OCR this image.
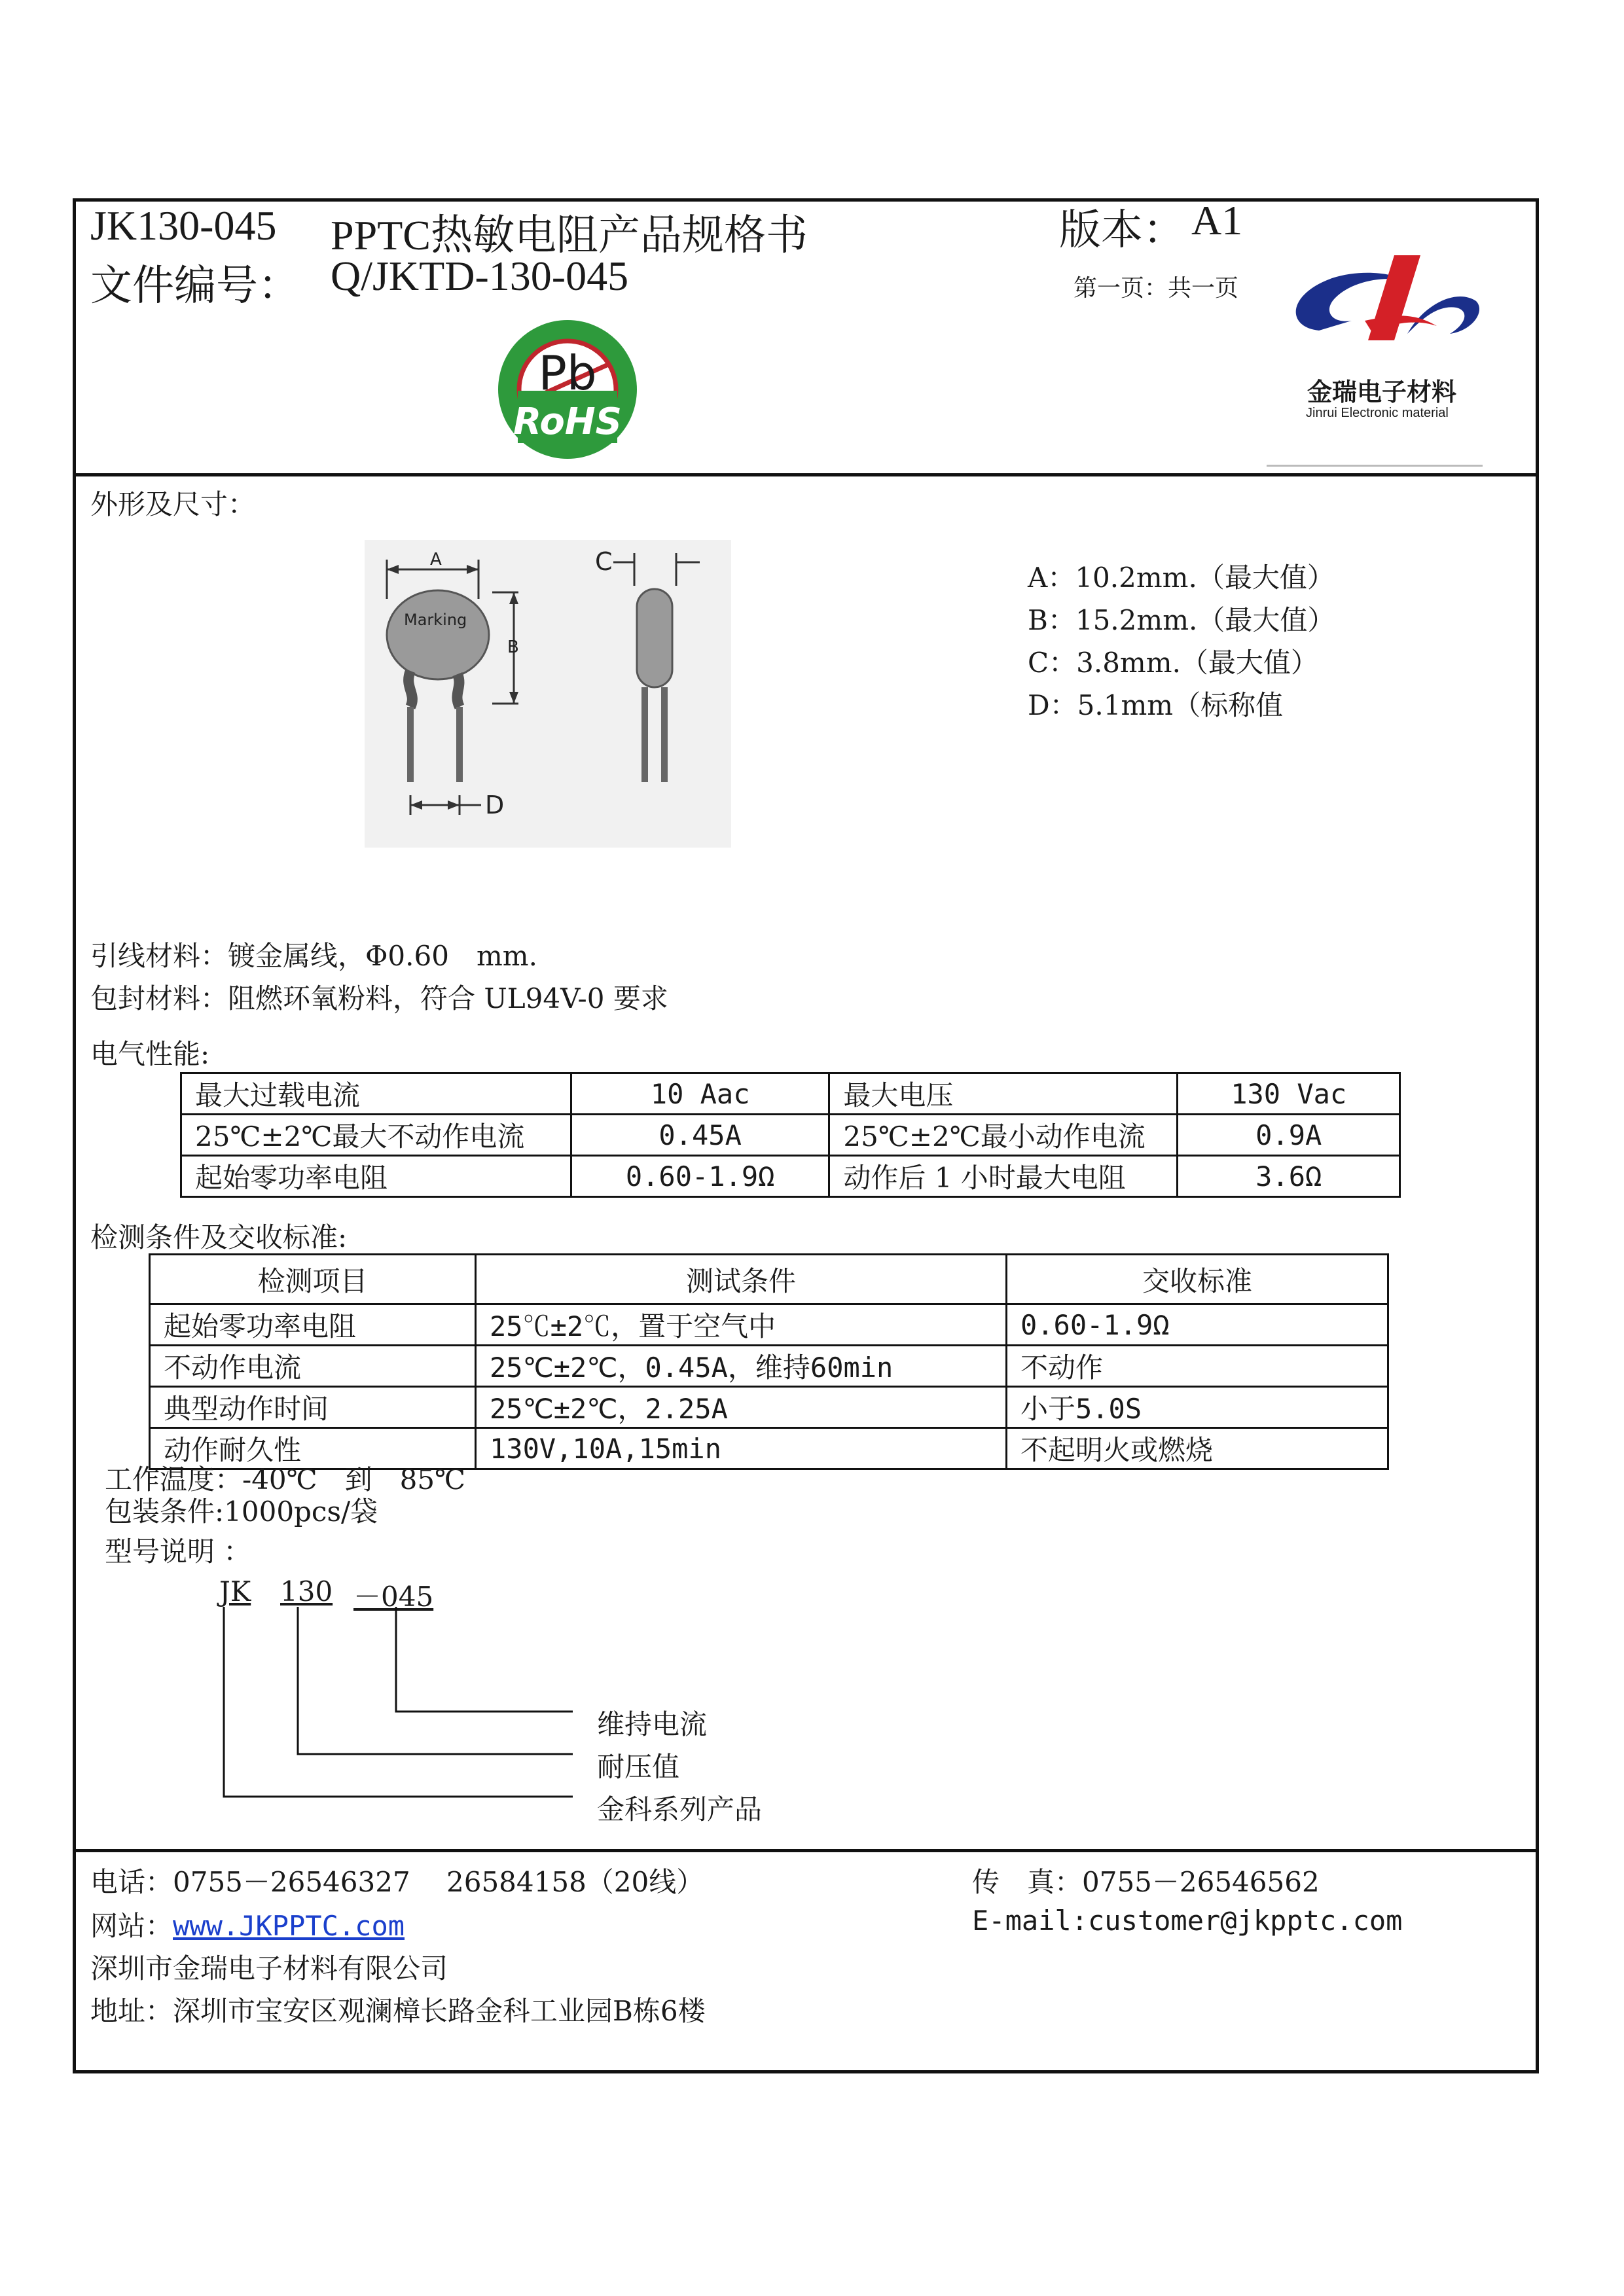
JK130-045 PPTC热敏电阻产品规格书	版本： A1
文件编号： Q/JKTD-130-045	第一页：共一页
Pb
RoHS
金瑞电子材料
Jinrui Electronic material
外形及尺寸：
A
Marking
B
D
C	A：10.2mm.（最大值）
B：15.2mm.（最大值）
C：3.8mm.（最大值）
D：5.1mm（标称值
引线材料：镀金属线，Φ0.60　mm.
包封材料：阻燃环氧粉料，符合 UL94V-0 要求
电气性能:
最大过载电流	10 Aac	最大电压	130 Vac
25℃±2℃最大不动作电流	0.45A	25℃±2℃最小动作电流	0.9A
起始零功率电阻	0.60-1.9Ω	动作后 1 小时最大电阻	3.6Ω
检测条件及交收标准:
检测项目	测试条件	交收标准
起始零功率电阻	25℃±2℃，置于空气中	0.60-1.9Ω
不动作电流	25℃±2℃，0.45A，维持60min	不动作
典型动作时间	25℃±2℃，2.25A	小于5.0S
动作耐久性	130V,10A,15min	不起明火或燃烧
工作温度：-40℃　到　85℃
包装条件:1000pcs/袋
型号说明 ：
JK 130 －045
维持电流
耐压值
金科系列产品
电话：0755－26546327　 26584158（20线）	传　真：0755－26546562
网站：www.JKPPTC.com	E-mail:customer@jkpptc.com
深圳市金瑞电子材料有限公司
地址：深圳市宝安区观澜樟长路金科工业园B栋6楼
